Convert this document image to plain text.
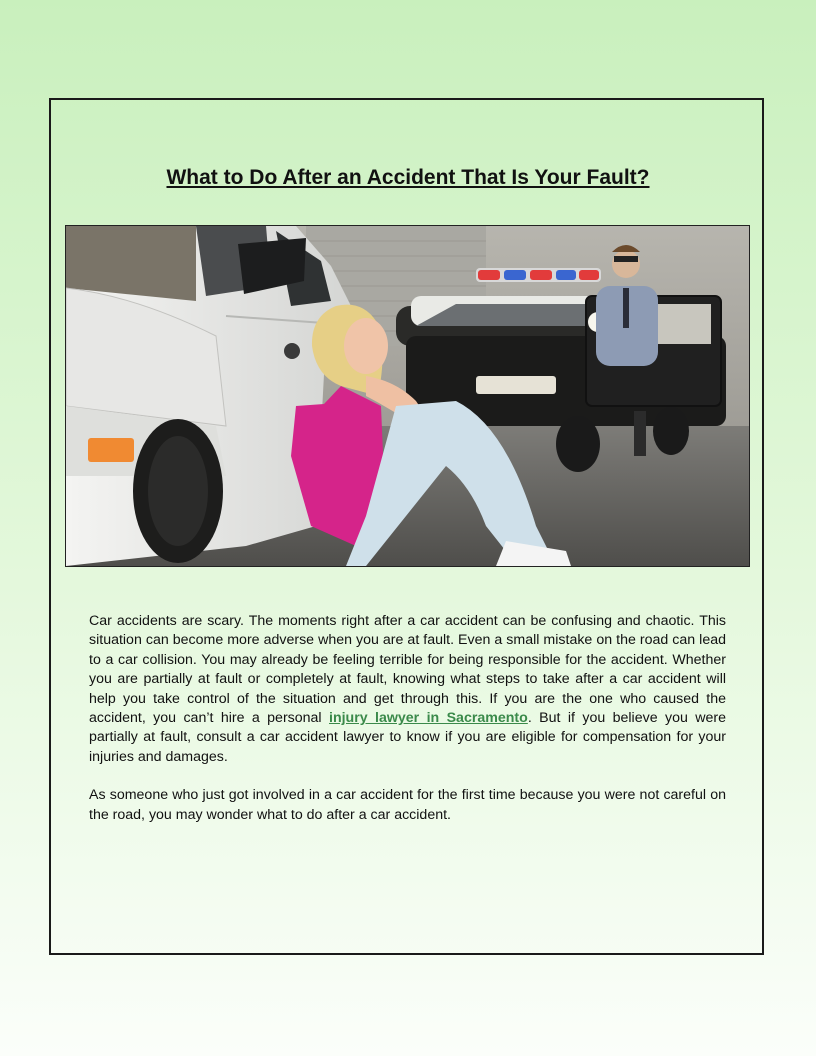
What to Do After an Accident That Is Your Fault?

Car accidents are scary. The moments right after a car accident can be confusing and chaotic. This situation can become more adverse when you are at fault. Even a small mistake on the road can lead to a car collision. You may already be feeling terrible for being responsible for the accident. Whether you are partially at fault or completely at fault, knowing what steps to take after a car accident will help you take control of the situation and get through this. If you are the one who caused the accident, you can’t hire a personal injury lawyer in Sacramento. But if you believe you were partially at fault, consult a car accident lawyer to know if you are eligible for compensation for your injuries and damages.

As someone who just got involved in a car accident for the first time because you were not careful on the road, you may wonder what to do after a car accident.
